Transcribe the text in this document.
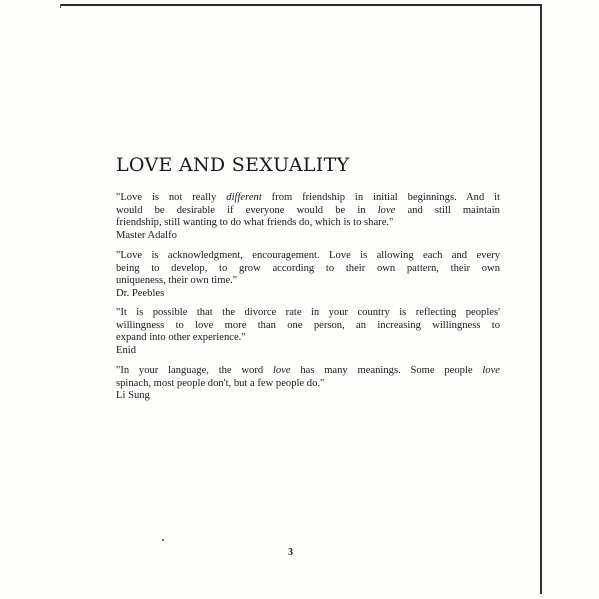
LOVE AND SEXUALITY

"Love is not really different from friendship in initial beginnings. And it
would be desirable if everyone would be in love and still maintain
friendship, still wanting to do what friends do, which is to share."

Master Adalfo

"Love is acknowledgment, encouragement. Love is allowing each and every
being to develop, to grow according to their own pattern, their own
uniqueness, their own time."

Dr. Peebles

"It is possible that the divorce rate in your country is reflecting peoples'
willingness to love more than one person, an increasing willingness to
expand into other experience."

Enid

"In your language, the word love has many meanings. Some people love
spinach, most people don't, but a few people do."

Li Sung

3
